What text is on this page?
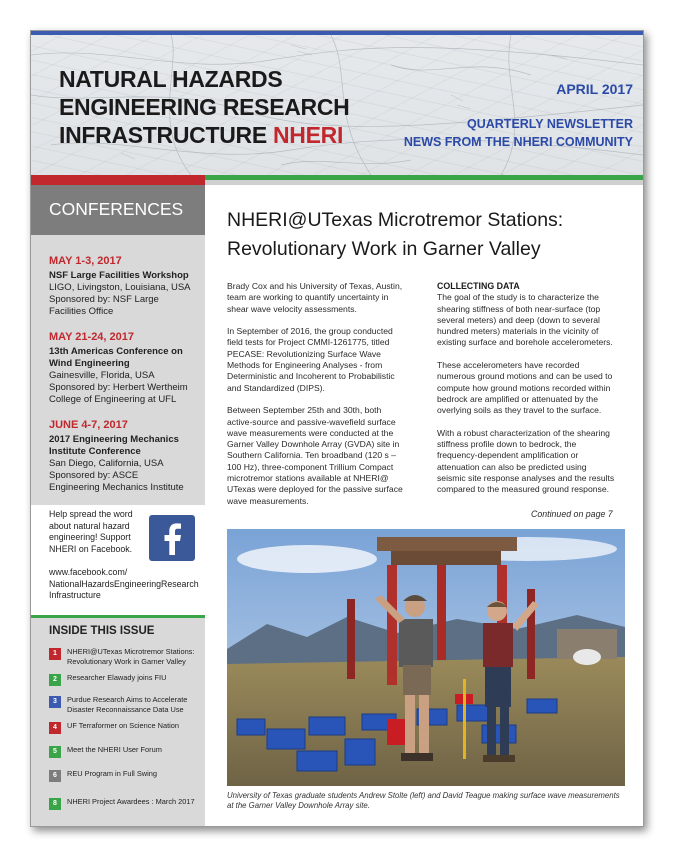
NATURAL HAZARDS
ENGINEERING RESEARCH
INFRASTRUCTURE NHERI
APRIL 2017
QUARTERLY NEWSLETTER
NEWS FROM THE NHERI COMMUNITY
CONFERENCES
MAY 1-3, 2017
NSF Large Facilities Workshop
LIGO, Livingston, Louisiana, USA
Sponsored by: NSF Large
Facilities Office
MAY 21-24, 2017
13th Americas Conference on Wind Engineering
Gainesville, Florida, USA
Sponsored by: Herbert Wertheim
College of Engineering at UFL
JUNE 4-7, 2017
2017 Engineering Mechanics Institute Conference
San Diego, California, USA
Sponsored by: ASCE
Engineering Mechanics Institute
Help spread the word about natural hazard engineering! Support NHERI on Facebook.
www.facebook.com/ NationalHazardsEngineeringResearch Infrastructure
INSIDE THIS ISSUE
1	NHERI@UTexas Microtremor Stations: Revolutionary Work in Garner Valley
2	Researcher Elawady joins FIU
3	Purdue Research Aims to Accelerate Disaster Reconnaissance Data Use
4	UF Terraformer on Science Nation
5	Meet the NHERI User Forum
6	REU Program in Full Swing
8	NHERI Project Awardees : March 2017
NHERI@UTexas Microtremor Stations: Revolutionary Work in Garner Valley

Brady Cox and his University of Texas, Austin, team are working to quantify uncertainty in shear wave velocity assessments.

In September of 2016, the group conducted field tests for Project CMMI-1261775, titled PECASE: Revolutionizing Surface Wave Methods for Engineering Analyses - from Deterministic and Incoherent to Probabilistic and Standardized (DIPS).

Between September 25th and 30th, both active-source and passive-wavefield surface wave measurements were conducted at the Garner Valley Downhole Array (GVDA) site in Southern California. Ten broadband (120 s – 100 Hz), three-component Trillium Compact microtremor stations available at NHERI@ UTexas were deployed for the passive surface wave measurements.

COLLECTING DATA

The goal of the study is to characterize the shearing stiffness of both near-surface (top several meters) and deep (down to several hundred meters) materials in the vicinity of existing surface and borehole accelerometers.

These accelerometers have recorded numerous ground motions and can be used to compute how ground motions recorded within bedrock are amplified or attenuated by the overlying soils as they travel to the surface.

With a robust characterization of the shearing stiffness profile down to bedrock, the frequency-dependent amplification or attenuation can also be predicted using seismic site response analyses and the results compared to the measured ground response.

Continued on page 7
University of Texas graduate students Andrew Stolte (left) and David Teague making surface wave measurements at the Garner Valley Downhole Array site.
